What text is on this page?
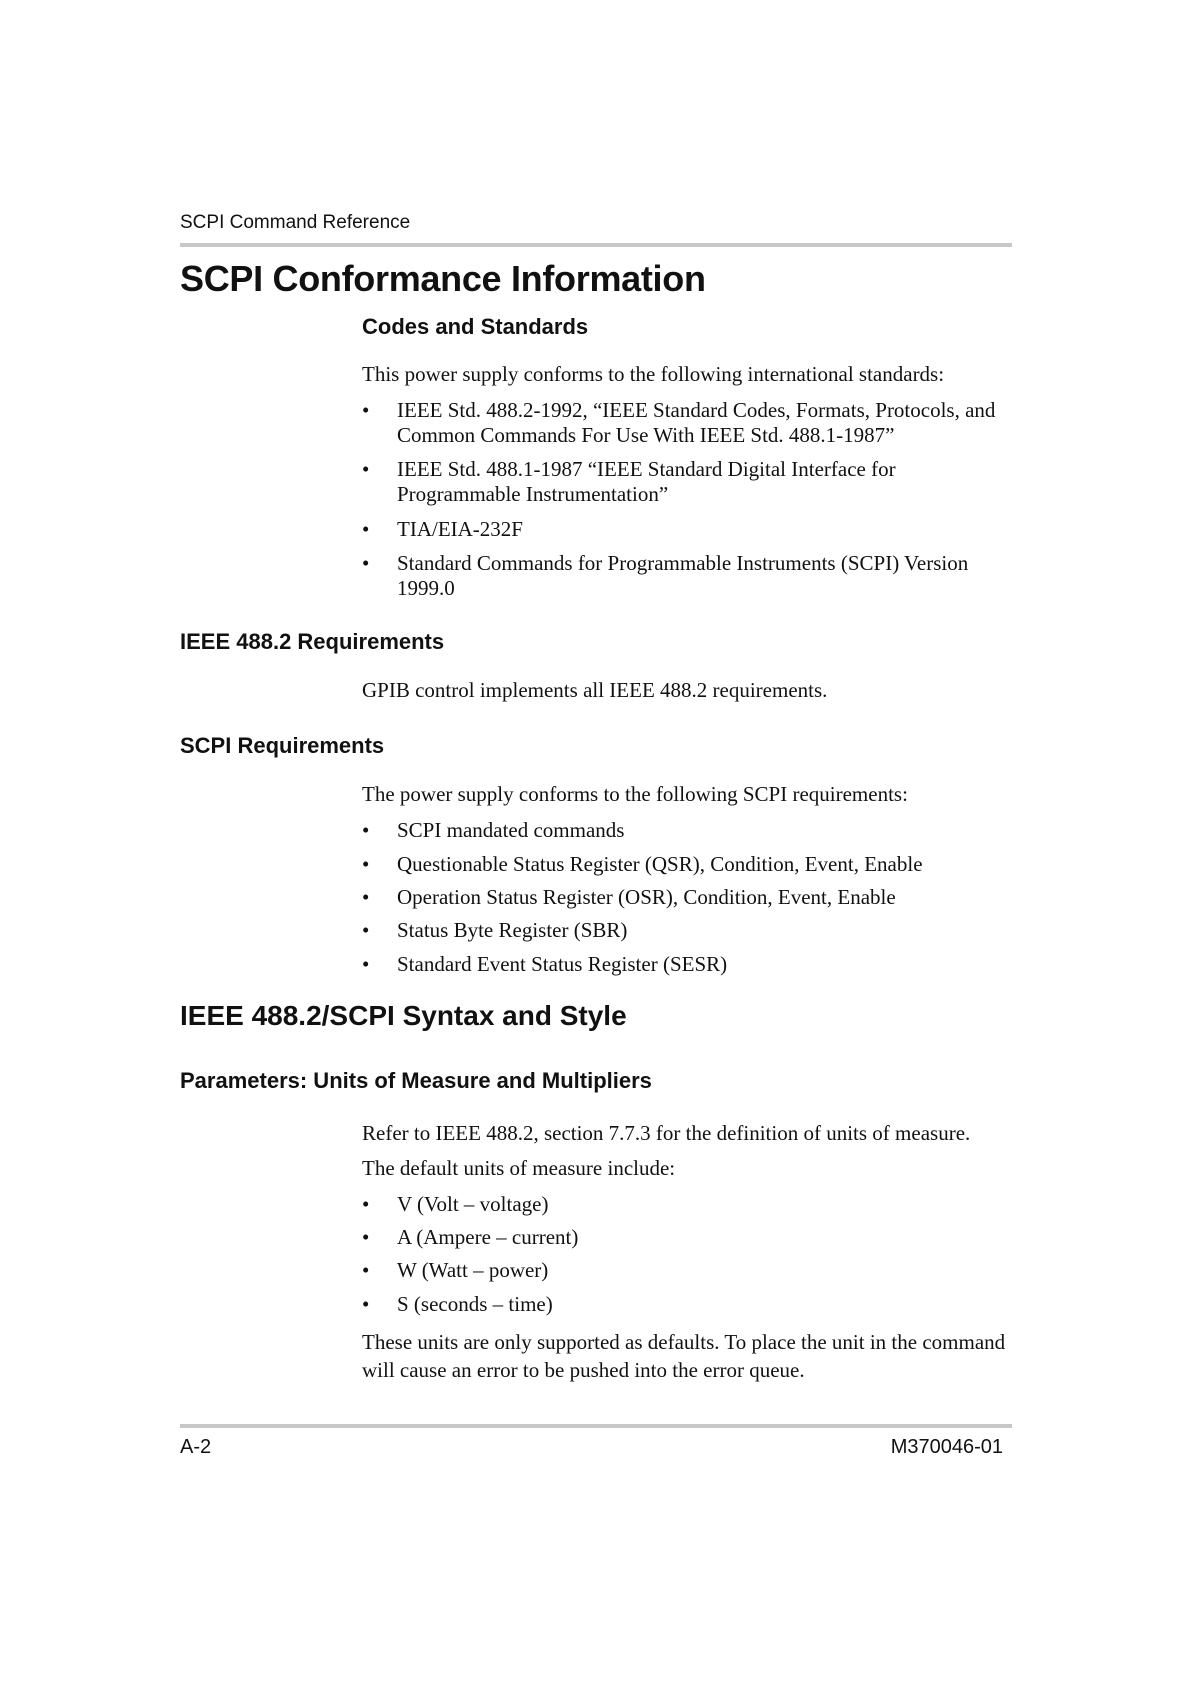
SCPI Command Reference
SCPI Conformance Information
Codes and Standards
This power supply conforms to the following international standards:
•	IEEE Std. 488.2-1992, “IEEE Standard Codes, Formats, Protocols, and Common Commands For Use With IEEE Std. 488.1-1987”
•	IEEE Std. 488.1-1987 “IEEE Standard Digital Interface for Programmable Instrumentation”
•	TIA/EIA-232F
•	Standard Commands for Programmable Instruments (SCPI) Version 1999.0
IEEE 488.2 Requirements
GPIB control implements all IEEE 488.2 requirements.
SCPI Requirements
The power supply conforms to the following SCPI requirements:
•	SCPI mandated commands
•	Questionable Status Register (QSR), Condition, Event, Enable
•	Operation Status Register (OSR), Condition, Event, Enable
•	Status Byte Register (SBR)
•	Standard Event Status Register (SESR)
IEEE 488.2/SCPI Syntax and Style
Parameters: Units of Measure and Multipliers
Refer to IEEE 488.2, section 7.7.3 for the definition of units of measure.
The default units of measure include:
•	V (Volt – voltage)
•	A (Ampere – current)
•	W (Watt – power)
•	S (seconds – time)
These units are only supported as defaults. To place the unit in the command will cause an error to be pushed into the error queue.
A-2	M370046-01
